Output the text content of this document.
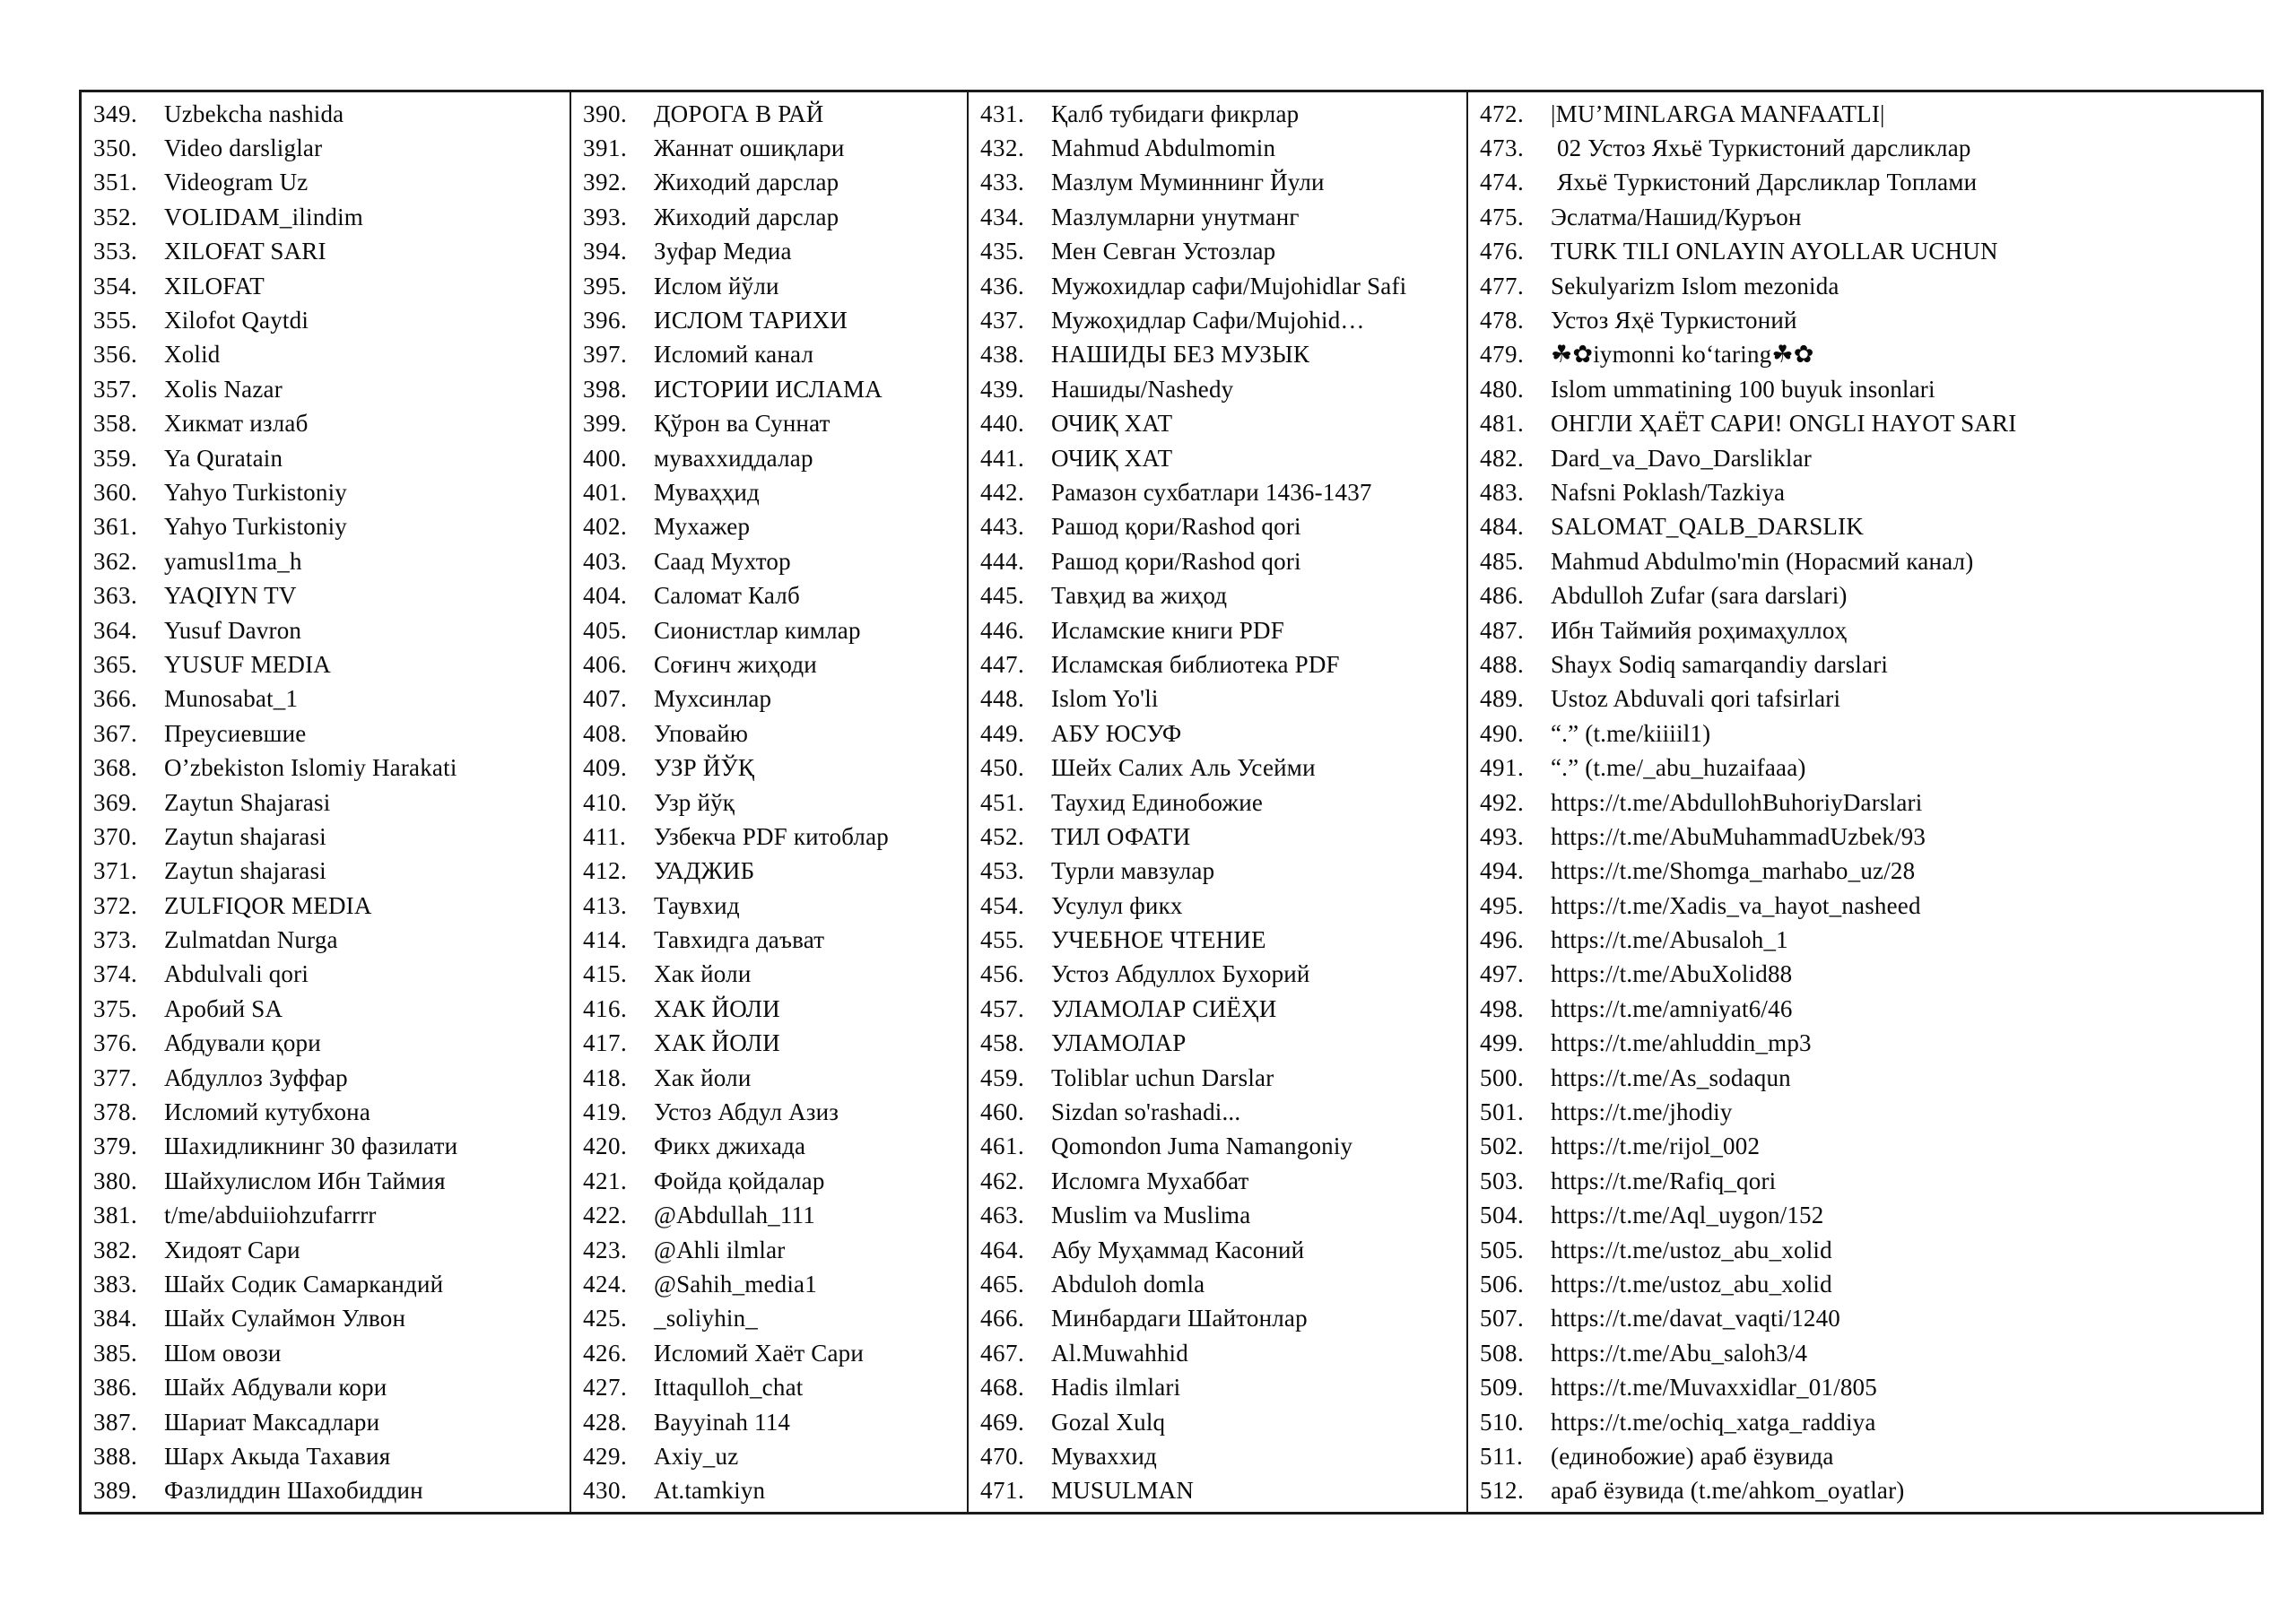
349.	Uzbekcha nashida
350.	Video darsliglar
351.	Videogram Uz
352.	VOLIDAM_ilindim
353.	XILOFAT SARI
354.	XILOFAT
355.	Xilofot Qaytdi
356.	Xolid
357.	Xolis Nazar
358.	Хикмат излаб
359.	Ya Quratain
360.	Yahyo Turkistoniy
361.	Yahyo Turkistoniy
362.	yamusl1ma_h
363.	YAQIYN TV
364.	Yusuf Davron
365.	YUSUF MEDIA
366.	Munosabat_1
367.	Преусиевшие
368.	O’zbekiston Islomiy Harakati
369.	Zaytun Shajarasi
370.	Zaytun shajarasi
371.	Zaytun shajarasi
372.	ZULFIQOR MEDIA
373.	Zulmatdan Nurga
374.	Abdulvali qori
375.	Аробий SA
376.	Абдували қори
377.	Абдуллоз Зуффар
378.	Исломий кутубхона
379.	Шахидликнинг 30 фазилати
380.	Шайхулислом Ибн Таймия
381.	t/me/abduiiohzufarrrr
382.	Хидоят Сари
383.	Шайх Содик Самаркандий
384.	Шайх Сулаймон Улвон
385.	Шом овози
386.	Шайх Абдували кори
387.	Шариат Максадлари
388.	Шарх Акыда Тахавия
389.	Фазлиддин Шахобиддин
390.	ДОРОГА В РАЙ
391.	Жаннат ошиқлари
392.	Жиходий дарслар
393.	Жиходий дарслар
394.	Зуфар Медиа
395.	Ислом йўли
396.	ИСЛОМ ТАРИХИ
397.	Исломий канал
398.	ИСТОРИИ ИСЛАМА
399.	Қўрон ва Суннат
400.	муваххиддалар
401.	Муваҳҳид
402.	Мухажер
403.	Саад Мухтор
404.	Саломат Калб
405.	Сионистлар кимлар
406.	Соғинч жиҳоди
407.	Мухсинлар
408.	Уповайю
409.	УЗР ЙЎҚ
410.	Узр йўқ
411.	Узбекча PDF китоблар
412.	УАДЖИБ
413.	Таувхид
414.	Тавхидга даъват
415.	Хак йоли
416.	ХАК ЙОЛИ
417.	ХАК ЙОЛИ
418.	Хак йоли
419.	Устоз Абдул Азиз
420.	Фикх джихада
421.	Фойда қойдалар
422.	@Abdullah_111
423.	@Ahli ilmlar
424.	@Sahih_media1
425.	_soliyhin_
426.	Исломий Хаёт Сари
427.	Ittaqulloh_chat
428.	Bayyinah 114
429.	Axiy_uz
430.	At.tamkiyn
431.	Қалб тубидаги фикрлар
432.	Mahmud Abdulmomin
433.	Мазлум Муминнинг Йули
434.	Мазлумларни унутманг
435.	Мен Севган Устозлар
436.	Мужохидлар сафи/Mujohidlar Safi
437.	Мужоҳидлар Сафи/Mujohid…
438.	НАШИДЫ БЕЗ МУЗЫК
439.	Нашиды/Nashedy
440.	ОЧИҚ ХАТ
441.	ОЧИҚ ХАТ
442.	Рамазон сухбатлари 1436-1437
443.	Рашод қори/Rashod qori
444.	Рашод қори/Rashod qori
445.	Тавҳид ва жиҳод
446.	Исламские книги PDF
447.	Исламская библиотека PDF
448.	Islom Yo'li
449.	АБУ ЮСУФ
450.	Шейх Салих Аль Усейми
451.	Таухид Единобожие
452.	ТИЛ ОФАТИ
453.	Турли мавзулар
454.	Усулул фикх
455.	УЧЕБНОЕ ЧТЕНИЕ
456.	Устоз Абдуллох Бухорий
457.	УЛАМОЛАР СИЁҲИ
458.	УЛАМОЛАР
459.	Toliblar uchun Darslar
460.	Sizdan so'rashadi...
461.	Qomondon Juma Namangoniy
462.	Исломга Мухаббат
463.	Muslim va Muslima
464.	Абу Муҳаммад Касоний
465.	Abduloh domla
466.	Минбардаги Шайтонлар
467.	Al.Muwahhid
468.	Hadis ilmlari
469.	Gozal Xulq
470.	Муваххид
471.	MUSULMAN
472.	|MU’MINLARGA MANFAATLI|
473.	02 Устоз Яхьё Туркистоний дарсликлар
474.	Яхьё Туркистоний Дарсликлар Топлами
475.	Эслатма/Нашид/Куръон
476.	TURK TILI ONLAYIN AYOLLAR UCHUN
477.	Sekulyarizm Islom mezonida
478.	Устоз Яҳё Туркистоний
479.	☘✿iymonni ko‘taring☘✿
480.	Islom ummatining 100 buyuk insonlari
481.	ОНГЛИ ҲАЁТ САРИ! ONGLI HAYOT SARI
482.	Dard_va_Davo_Darsliklar
483.	Nafsni Poklash/Tazkiya
484.	SALOMAT_QALB_DARSLIK
485.	Mahmud Abdulmo'min (Норасмий канал)
486.	Abdulloh Zufar (sara darslari)
487.	Ибн Таймийя роҳимаҳуллоҳ
488.	Shayx Sodiq samarqandiy darslari
489.	Ustoz Abduvali qori tafsirlari
490.	“.” (t.me/kiiiil1)
491.	“.” (t.me/_abu_huzaifaaa)
492.	https://t.me/AbdullohBuhoriyDarslari
493.	https://t.me/AbuMuhammadUzbek/93
494.	https://t.me/Shomga_marhabo_uz/28
495.	https://t.me/Xadis_va_hayot_nasheed
496.	https://t.me/Abusaloh_1
497.	https://t.me/AbuXolid88
498.	https://t.me/amniyat6/46
499.	https://t.me/ahluddin_mp3
500.	https://t.me/As_sodaqun
501.	https://t.me/jhodiy
502.	https://t.me/rijol_002
503.	https://t.me/Rafiq_qori
504.	https://t.me/Aql_uygon/152
505.	https://t.me/ustoz_abu_xolid
506.	https://t.me/ustoz_abu_xolid
507.	https://t.me/davat_vaqti/1240
508.	https://t.me/Abu_saloh3/4
509.	https://t.me/Muvaxxidlar_01/805
510.	https://t.me/ochiq_xatga_raddiya
511.	(единобожие) араб ёзувида
512.	араб ёзувида (t.me/ahkom_oyatlar)
